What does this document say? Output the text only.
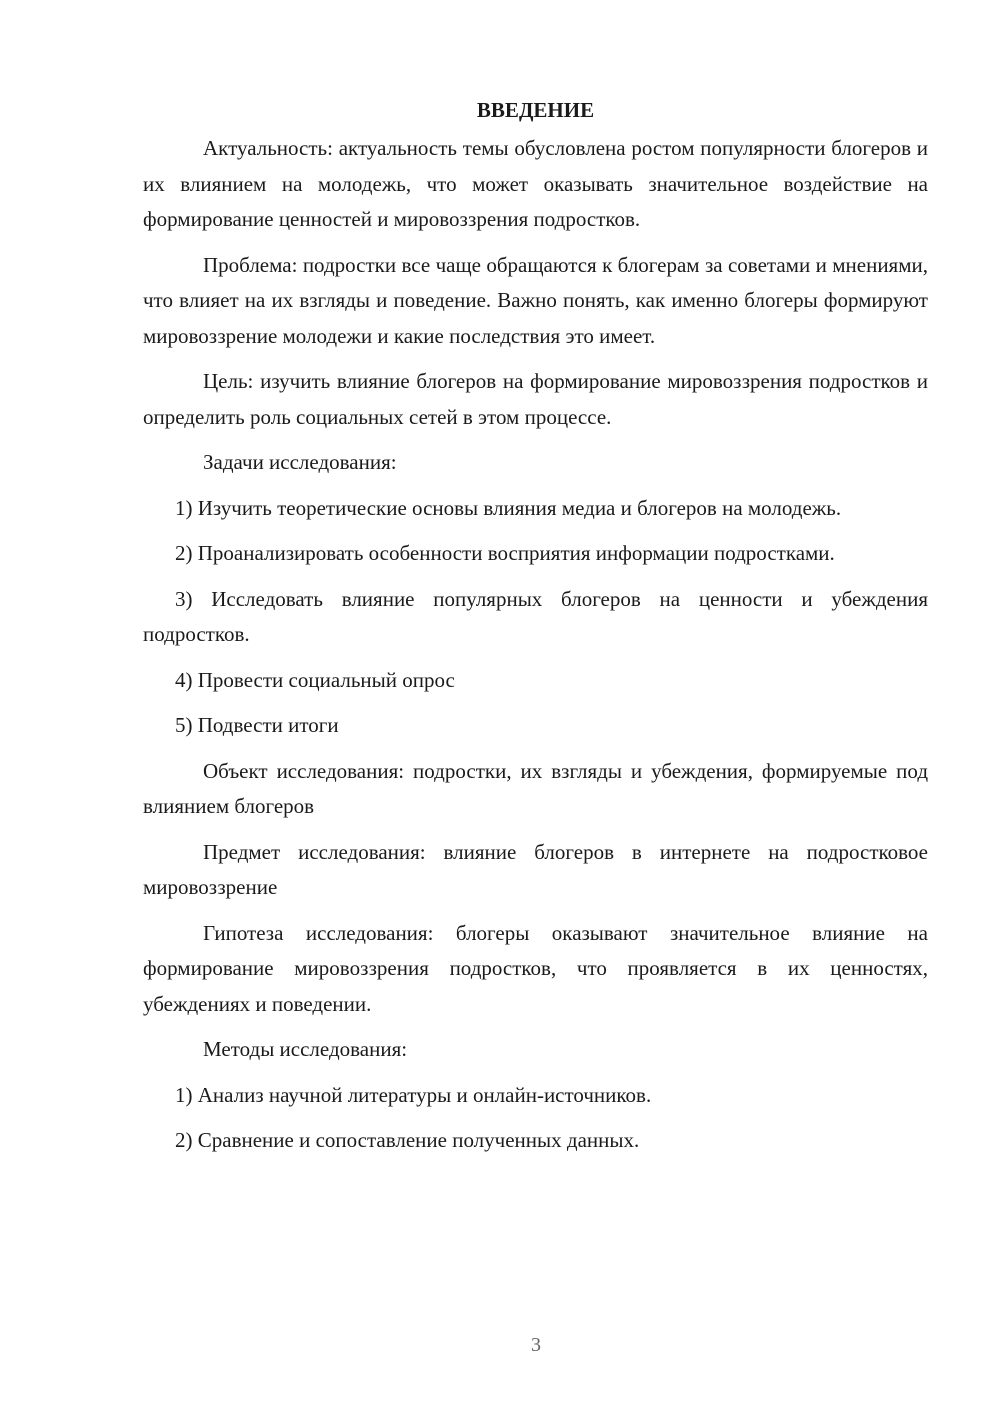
ВВЕДЕНИЕ

Актуальность: актуальность темы обусловлена ростом популярности блогеров и их влиянием на молодежь, что может оказывать значительное воздействие на формирование ценностей и мировоззрения подростков.

Проблема: подростки все чаще обращаются к блогерам за советами и мнениями, что влияет на их взгляды и поведение. Важно понять, как именно блогеры формируют мировоззрение молодежи и какие последствия это имеет.

Цель: изучить влияние блогеров на формирование мировоззрения подростков и определить роль социальных сетей в этом процессе.

Задачи исследования:

1) Изучить теоретические основы влияния медиа и блогеров на молодежь.

2) Проанализировать особенности восприятия информации подростками.

3) Исследовать влияние популярных блогеров на ценности и убеждения подростков.

4) Провести социальный опрос

5) Подвести итоги

Объект исследования: подростки, их взгляды и убеждения, формируемые под влиянием блогеров

Предмет исследования: влияние блогеров в интернете на подростковое мировоззрение

Гипотеза исследования: блогеры оказывают значительное влияние на формирование мировоззрения подростков, что проявляется в их ценностях, убеждениях и поведении.

Методы исследования:

1) Анализ научной литературы и онлайн-источников.

2) Сравнение и сопоставление полученных данных.

3
